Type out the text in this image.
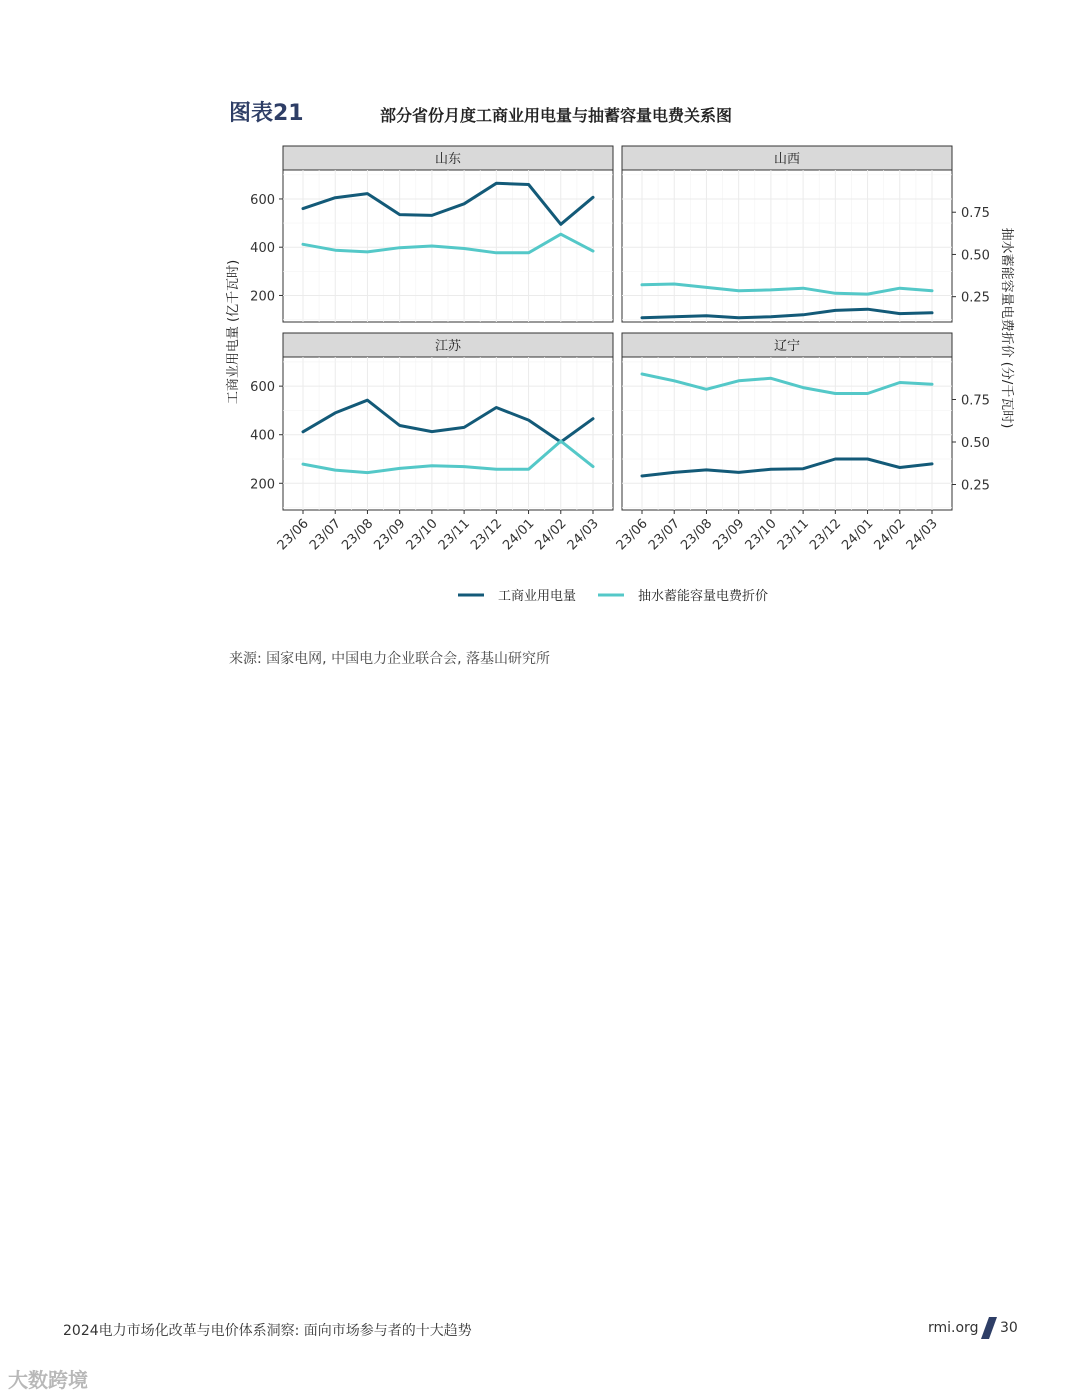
图表21	部分省份月度工商业用电量与抽蓄容量电费关系图
工商业用电量 (亿千瓦时)	抽水蓄能容量电费折价 (分/千瓦时)
山东
200
400
600
山西
0.25
0.50
0.75
江苏
200
400
600
23/06
23/07
23/08
23/09
23/10
23/11
23/12
24/01
24/02
24/03
辽宁
0.25
0.50
0.75
23/06
23/07
23/08
23/09
23/10
23/11
23/12
24/01
24/02
24/03
工商业用电量	抽水蓄能容量电费折价
来源: 国家电网, 中国电力企业联合会, 落基山研究所
2024电力市场化改革与电价体系洞察: 面向市场参与者的十大趋势	rmi.org 30
大数跨境
